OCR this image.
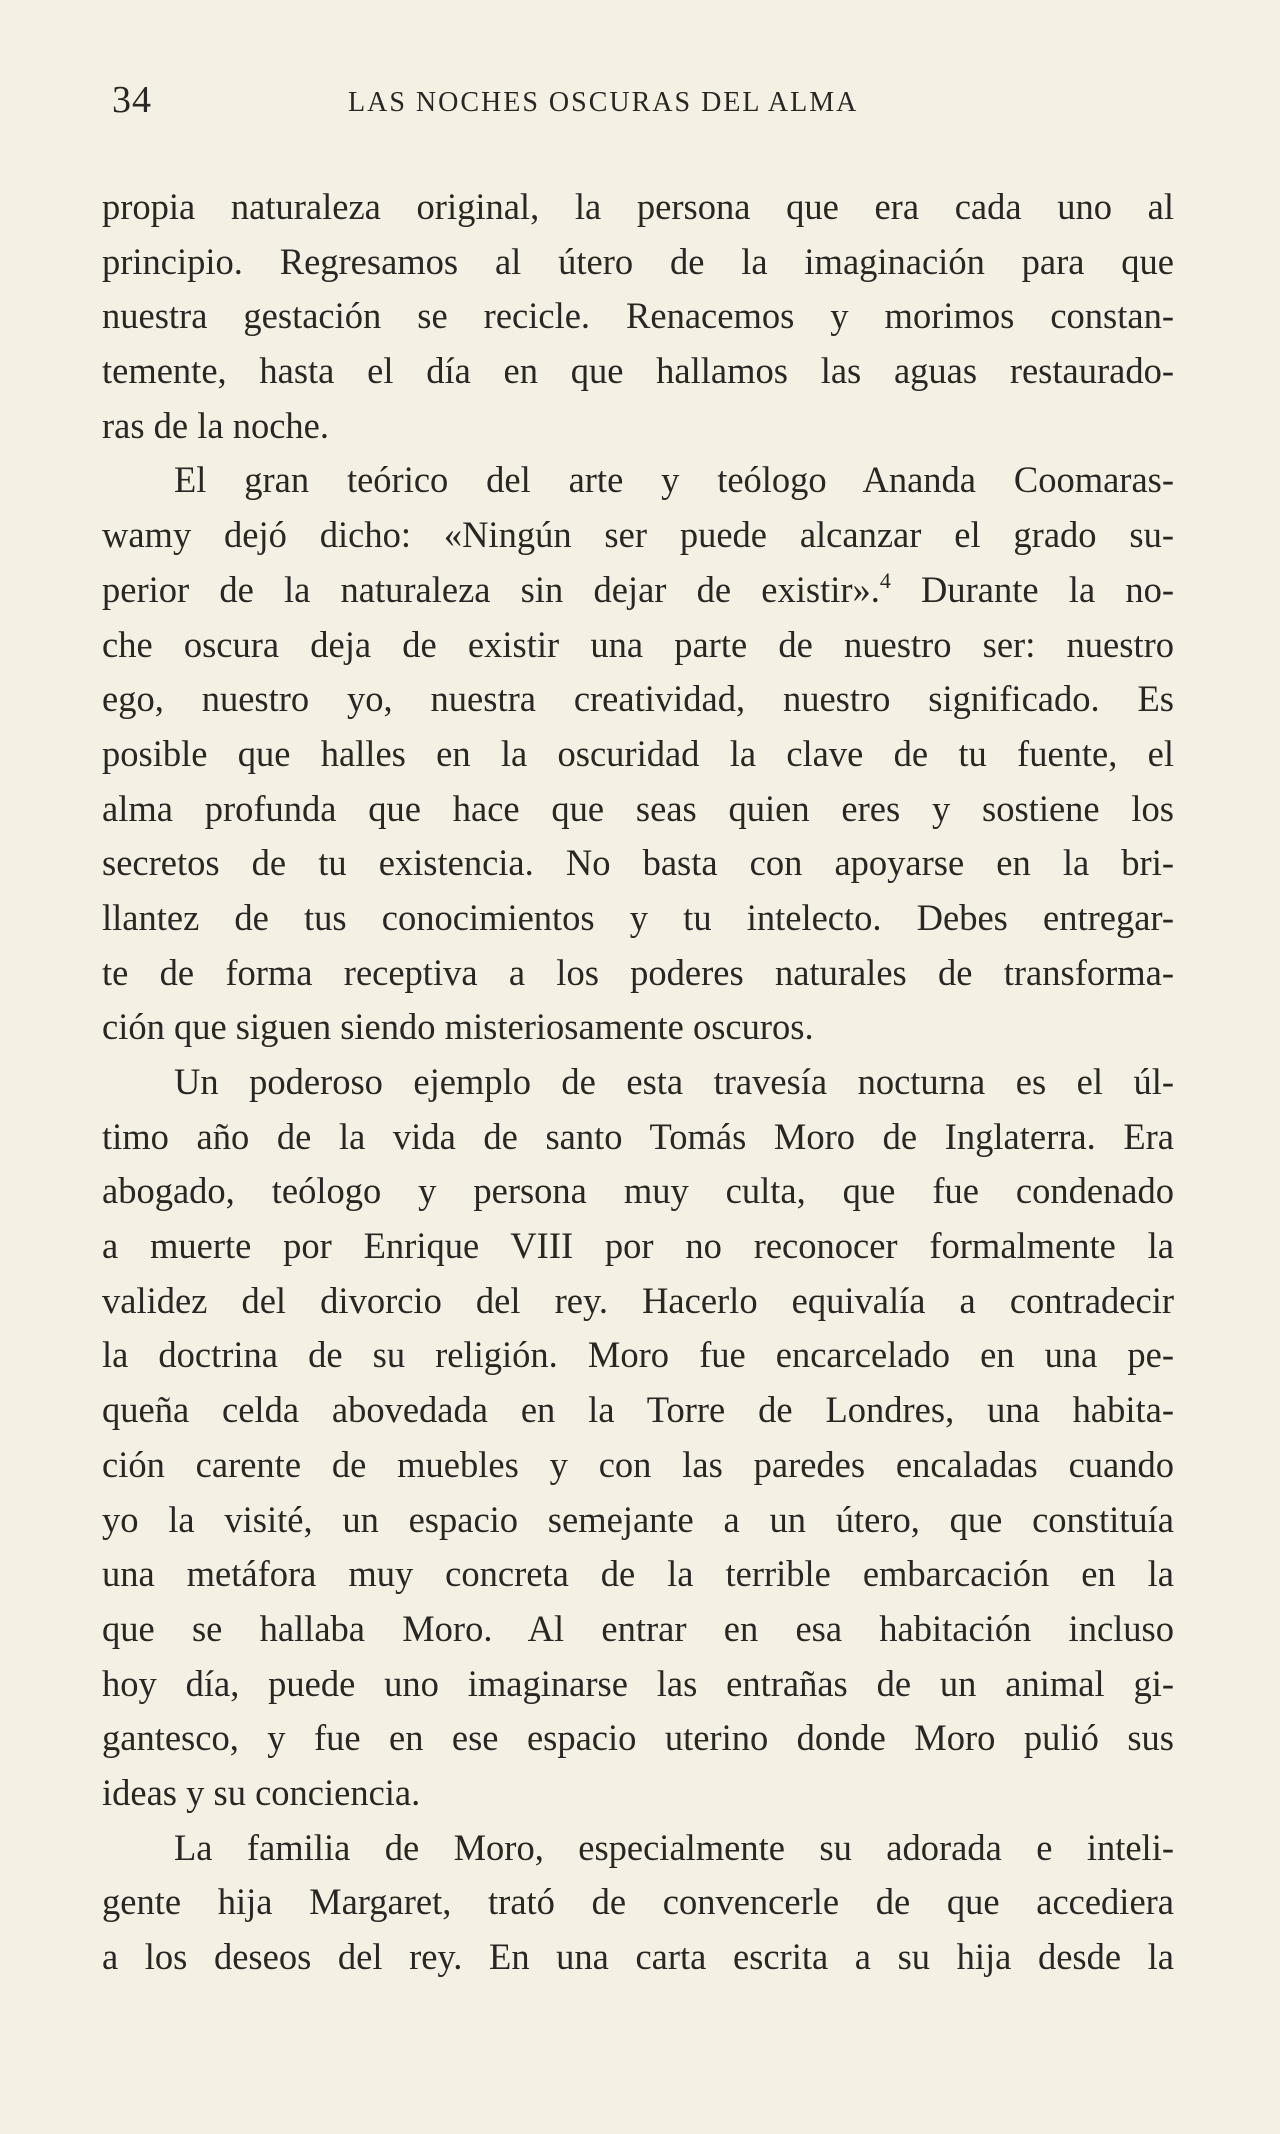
34	LAS NOCHES OSCURAS DEL ALMA
propia naturaleza original, la persona que era cada uno al
principio. Regresamos al útero de la imaginación para que
nuestra gestación se recicle. Renacemos y morimos constan-
temente, hasta el día en que hallamos las aguas restaurado-
ras de la noche.
El gran teórico del arte y teólogo Ananda Coomaras-
wamy dejó dicho: «Ningún ser puede alcanzar el grado su-
perior de la naturaleza sin dejar de existir».$^4$ Durante la no-
che oscura deja de existir una parte de nuestro ser: nuestro
ego, nuestro yo, nuestra creatividad, nuestro significado. Es
posible que halles en la oscuridad la clave de tu fuente, el
alma profunda que hace que seas quien eres y sostiene los
secretos de tu existencia. No basta con apoyarse en la bri-
llantez de tus conocimientos y tu intelecto. Debes entregar-
te de forma receptiva a los poderes naturales de transforma-
ción que siguen siendo misteriosamente oscuros.
Un poderoso ejemplo de esta travesía nocturna es el úl-
timo año de la vida de santo Tomás Moro de Inglaterra. Era
abogado, teólogo y persona muy culta, que fue condenado
a muerte por Enrique VIII por no reconocer formalmente la
validez del divorcio del rey. Hacerlo equivalía a contradecir
la doctrina de su religión. Moro fue encarcelado en una pe-
queña celda abovedada en la Torre de Londres, una habita-
ción carente de muebles y con las paredes encaladas cuando
yo la visité, un espacio semejante a un útero, que constituía
una metáfora muy concreta de la terrible embarcación en la
que se hallaba Moro. Al entrar en esa habitación incluso
hoy día, puede uno imaginarse las entrañas de un animal gi-
gantesco, y fue en ese espacio uterino donde Moro pulió sus
ideas y su conciencia.
La familia de Moro, especialmente su adorada e inteli-
gente hija Margaret, trató de convencerle de que accediera
a los deseos del rey. En una carta escrita a su hija desde la
